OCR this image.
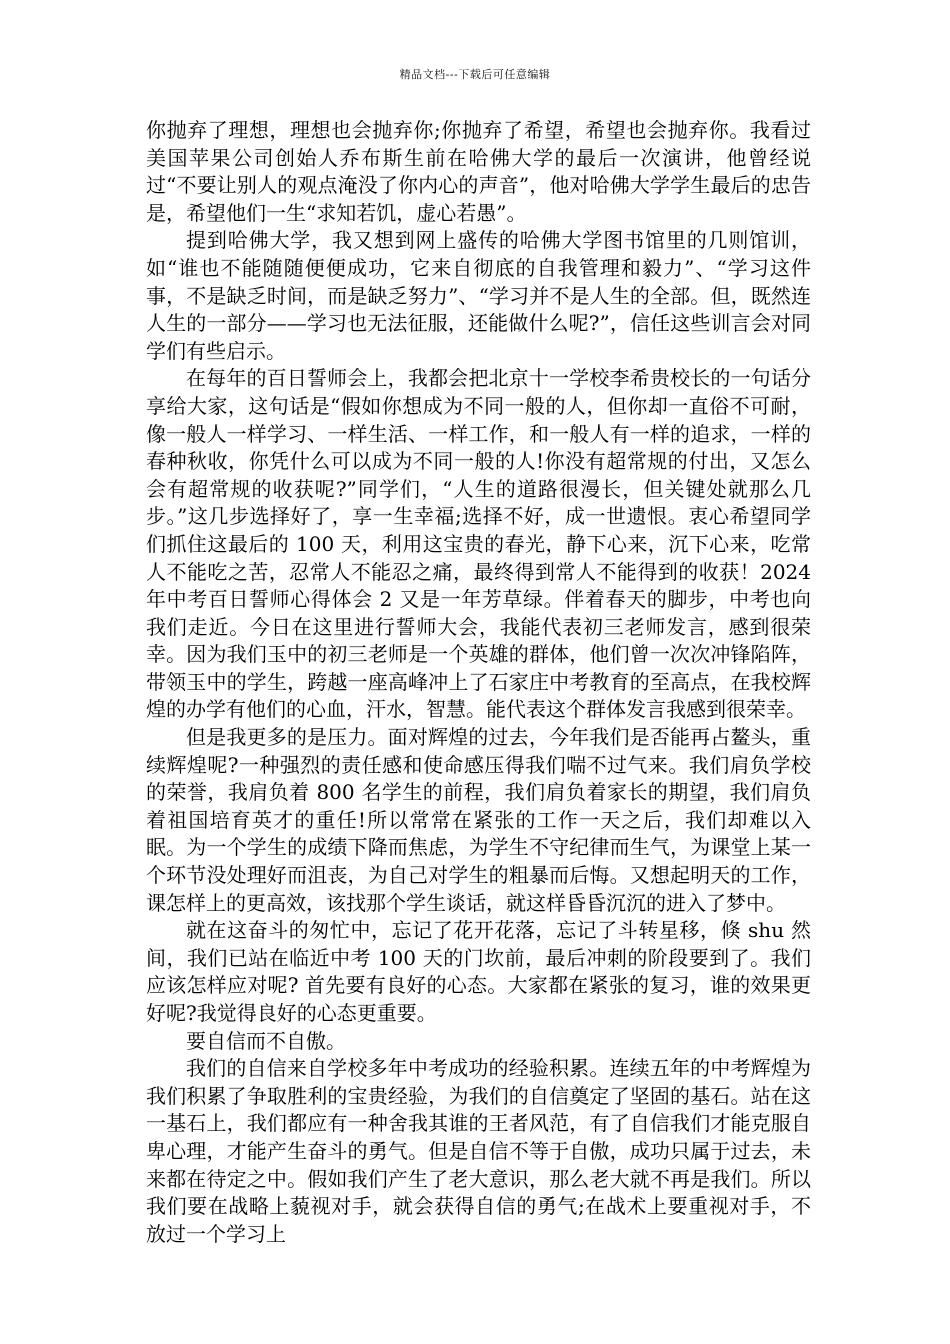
精品文档---下载后可任意编辑

你抛弃了理想，理想也会抛弃你;你抛弃了希望，希望也会抛弃你。我看过美国苹果公司创始人乔布斯生前在哈佛大学的最后一次演讲，他曾经说过“不要让别人的观点淹没了你内心的声音”，他对哈佛大学学生最后的忠告是，希望他们一生“求知若饥，虚心若愚”。

提到哈佛大学，我又想到网上盛传的哈佛大学图书馆里的几则馆训，如“谁也不能随随便便成功，它来自彻底的自我管理和毅力”、“学习这件事，不是缺乏时间，而是缺乏努力”、“学习并不是人生的全部。但，既然连人生的一部分——学习也无法征服，还能做什么呢?”，信任这些训言会对同学们有些启示。

在每年的百日誓师会上，我都会把北京十一学校李希贵校长的一句话分享给大家，这句话是“假如你想成为不同一般的人，但你却一直俗不可耐，像一般人一样学习、一样生活、一样工作，和一般人有一样的追求，一样的春种秋收，你凭什么可以成为不同一般的人!你没有超常规的付出，又怎么会有超常规的收获呢?”同学们，“人生的道路很漫长，但关键处就那么几步。”这几步选择好了，享一生幸福;选择不好，成一世遗恨。衷心希望同学们抓住这最后的 100 天，利用这宝贵的春光，静下心来，沉下心来，吃常人不能吃之苦，忍常人不能忍之痛，最终得到常人不能得到的收获！2024 年中考百日誓师心得体会 2 又是一年芳草绿。伴着春天的脚步，中考也向我们走近。今日在这里进行誓师大会，我能代表初三老师发言，感到很荣幸。因为我们玉中的初三老师是一个英雄的群体，他们曾一次次冲锋陷阵，带领玉中的学生，跨越一座高峰冲上了石家庄中考教育的至高点，在我校辉煌的办学有他们的心血，汗水，智慧。能代表这个群体发言我感到很荣幸。

但是我更多的是压力。面对辉煌的过去，今年我们是否能再占鳌头，重续辉煌呢?一种强烈的责任感和使命感压得我们喘不过气来。我们肩负学校的荣誉，我肩负着 800 名学生的前程，我们肩负着家长的期望，我们肩负着祖国培育英才的重任!所以常常在紧张的工作一天之后，我们却难以入眠。为一个学生的成绩下降而焦虑，为学生不守纪律而生气，为课堂上某一个环节没处理好而沮丧，为自己对学生的粗暴而后悔。又想起明天的工作，课怎样上的更高效，该找那个学生谈话，就这样昏昏沉沉的进入了梦中。

就在这奋斗的匆忙中，忘记了花开花落，忘记了斗转星移，倏 shu 然间，我们已站在临近中考 100 天的门坎前，最后冲刺的阶段要到了。我们应该怎样应对呢? 首先要有良好的心态。大家都在紧张的复习，谁的效果更好呢?我觉得良好的心态更重要。

要自信而不自傲。

我们的自信来自学校多年中考成功的经验积累。连续五年的中考辉煌为我们积累了争取胜利的宝贵经验，为我们的自信奠定了坚固的基石。站在这一基石上，我们都应有一种舍我其谁的王者风范，有了自信我们才能克服自卑心理，才能产生奋斗的勇气。但是自信不等于自傲，成功只属于过去，未来都在待定之中。假如我们产生了老大意识，那么老大就不再是我们。所以我们要在战略上藐视对手，就会获得自信的勇气;在战术上要重视对手，不放过一个学习上
